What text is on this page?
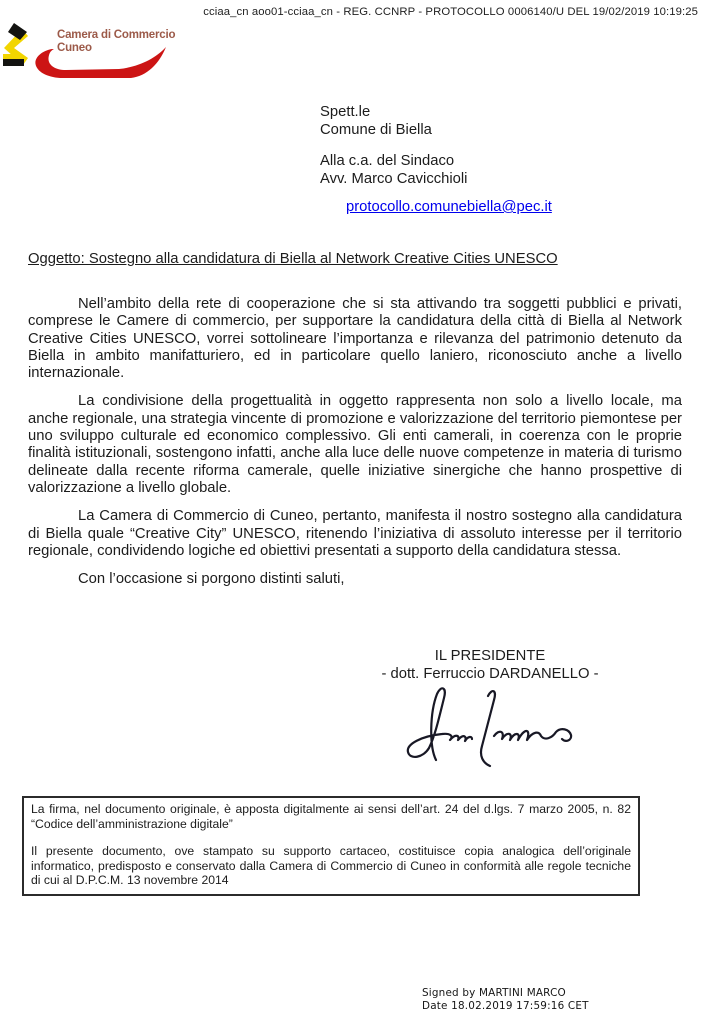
cciaa_cn aoo01-cciaa_cn - REG. CCNRP - PROTOCOLLO 0006140/U DEL 19/02/2019 10:19:25
Camera di Commercio
Cuneo
Spett.le
Comune di Biella
Alla c.a. del Sindaco
Avv. Marco Cavicchioli
protocollo.comunebiella@pec.it
Oggetto: Sostegno alla candidatura di Biella al Network Creative Cities UNESCO

Nell’ambito della rete di cooperazione che si sta attivando tra soggetti pubblici e privati, comprese le Camere di commercio, per supportare la candidatura della città di Biella al Network Creative Cities UNESCO, vorrei sottolineare l’importanza e rilevanza del patrimonio detenuto da Biella in ambito manifatturiero, ed in particolare quello laniero, riconosciuto anche a livello internazionale.

La condivisione della progettualità in oggetto rappresenta non solo a livello locale, ma anche regionale, una strategia vincente di promozione e valorizzazione del territorio piemontese per uno sviluppo culturale ed economico complessivo. Gli enti camerali, in coerenza con le proprie finalità istituzionali, sostengono infatti, anche alla luce delle nuove competenze in materia di turismo delineate dalla recente riforma camerale, quelle iniziative sinergiche che hanno prospettive di valorizzazione a livello globale.

La Camera di Commercio di Cuneo, pertanto, manifesta il nostro sostegno alla candidatura di Biella quale “Creative City” UNESCO, ritenendo l’iniziativa di assoluto interesse per il territorio regionale, condividendo logiche ed obiettivi presentati a supporto della candidatura stessa.

Con l’occasione si porgono distinti saluti,

IL PRESIDENTE
- dott. Ferruccio DARDANELLO -

La firma, nel documento originale, è apposta digitalmente ai sensi dell’art. 24 del d.lgs. 7 marzo 2005, n. 82 “Codice dell’amministrazione digitale”

Il presente documento, ove stampato su supporto cartaceo, costituisce copia analogica dell’originale informatico, predisposto e conservato dalla Camera di Commercio di Cuneo in conformità alle regole tecniche di cui al D.P.C.M. 13 novembre 2014

Signed by MARTINI MARCO
Date 18.02.2019 17:59:16 CET
